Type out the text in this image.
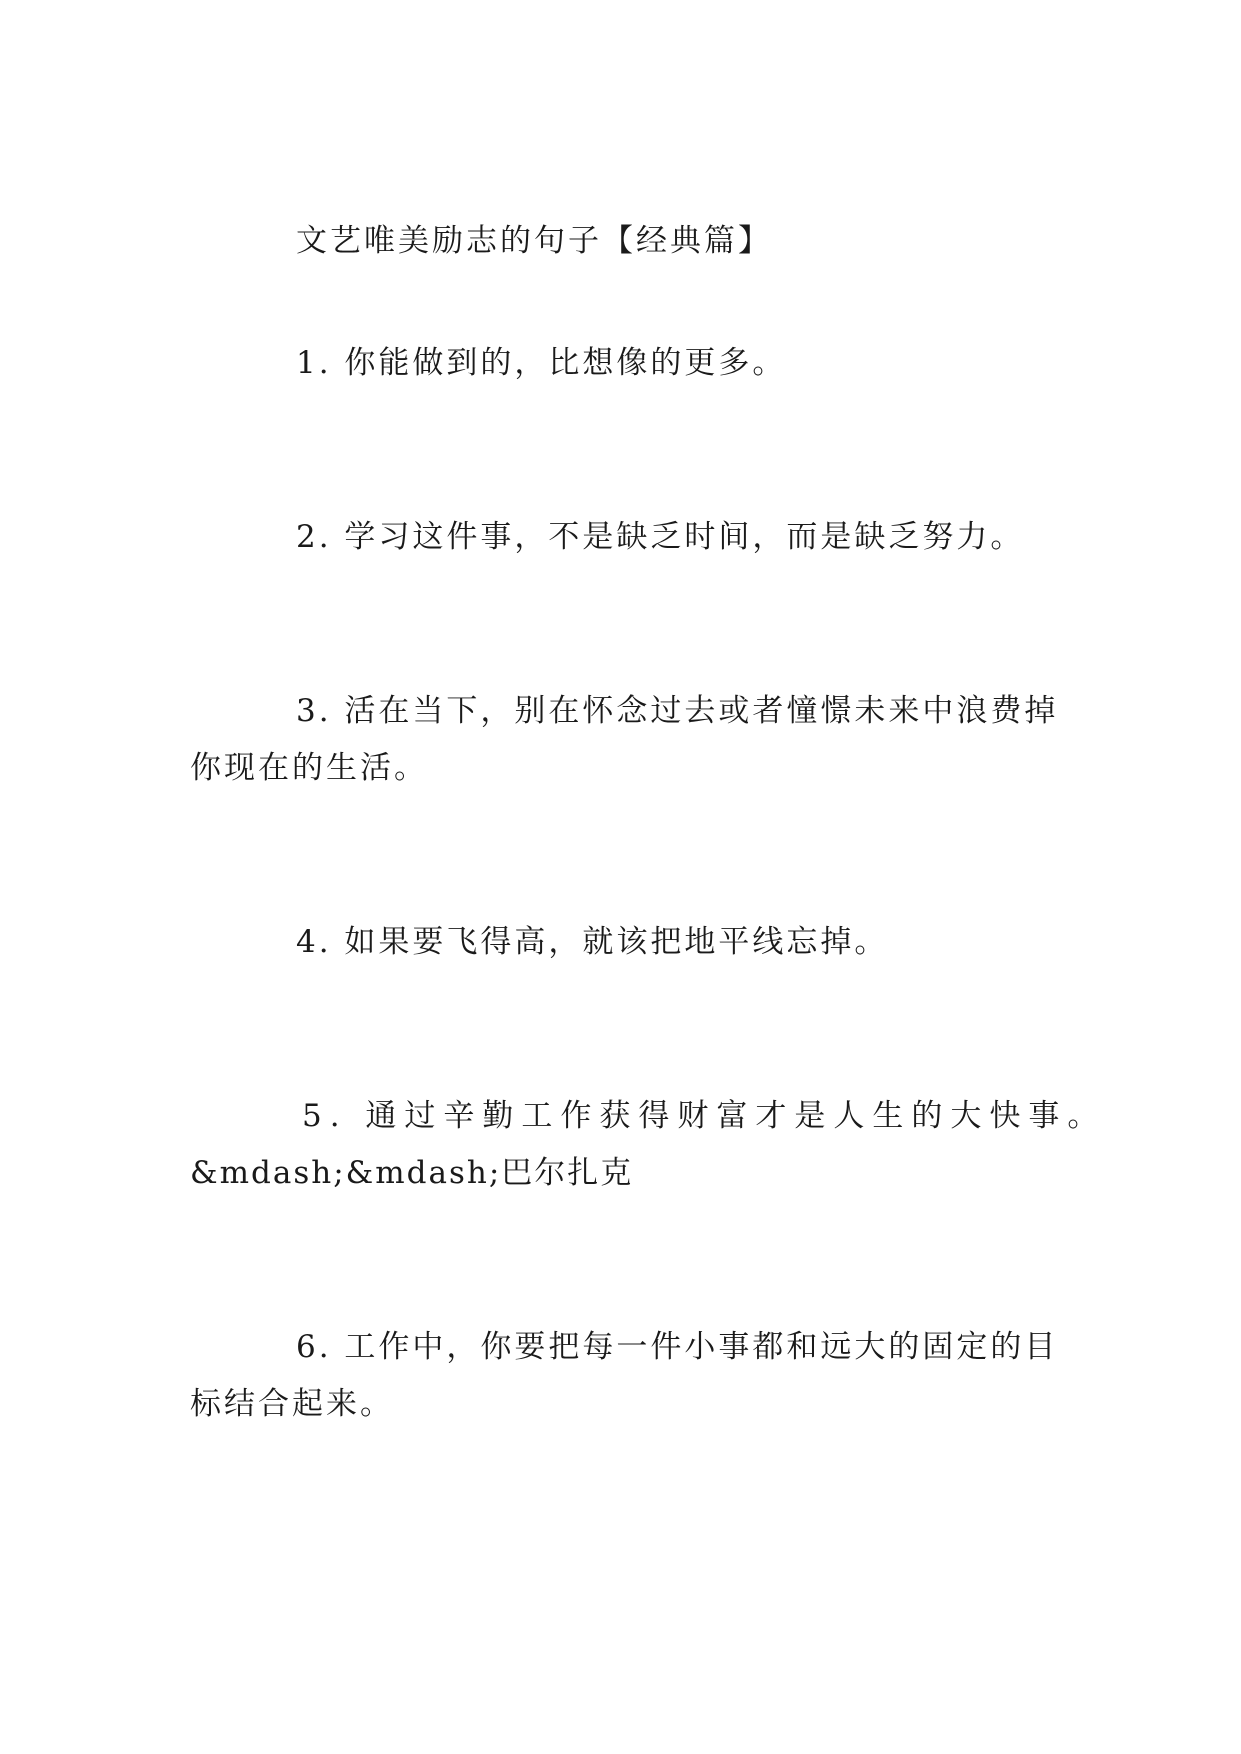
文艺唯美励志的句子【经典篇】
1. 你能做到的，比想像的更多。
2. 学习这件事，不是缺乏时间，而是缺乏努力。
3. 活在当下，别在怀念过去或者憧憬未来中浪费掉
你现在的生活。
4. 如果要飞得高，就该把地平线忘掉。
5. 通过辛勤工作获得财富才是人生的大快事。
&mdash;&mdash;巴尔扎克
6. 工作中，你要把每一件小事都和远大的固定的目
标结合起来。
